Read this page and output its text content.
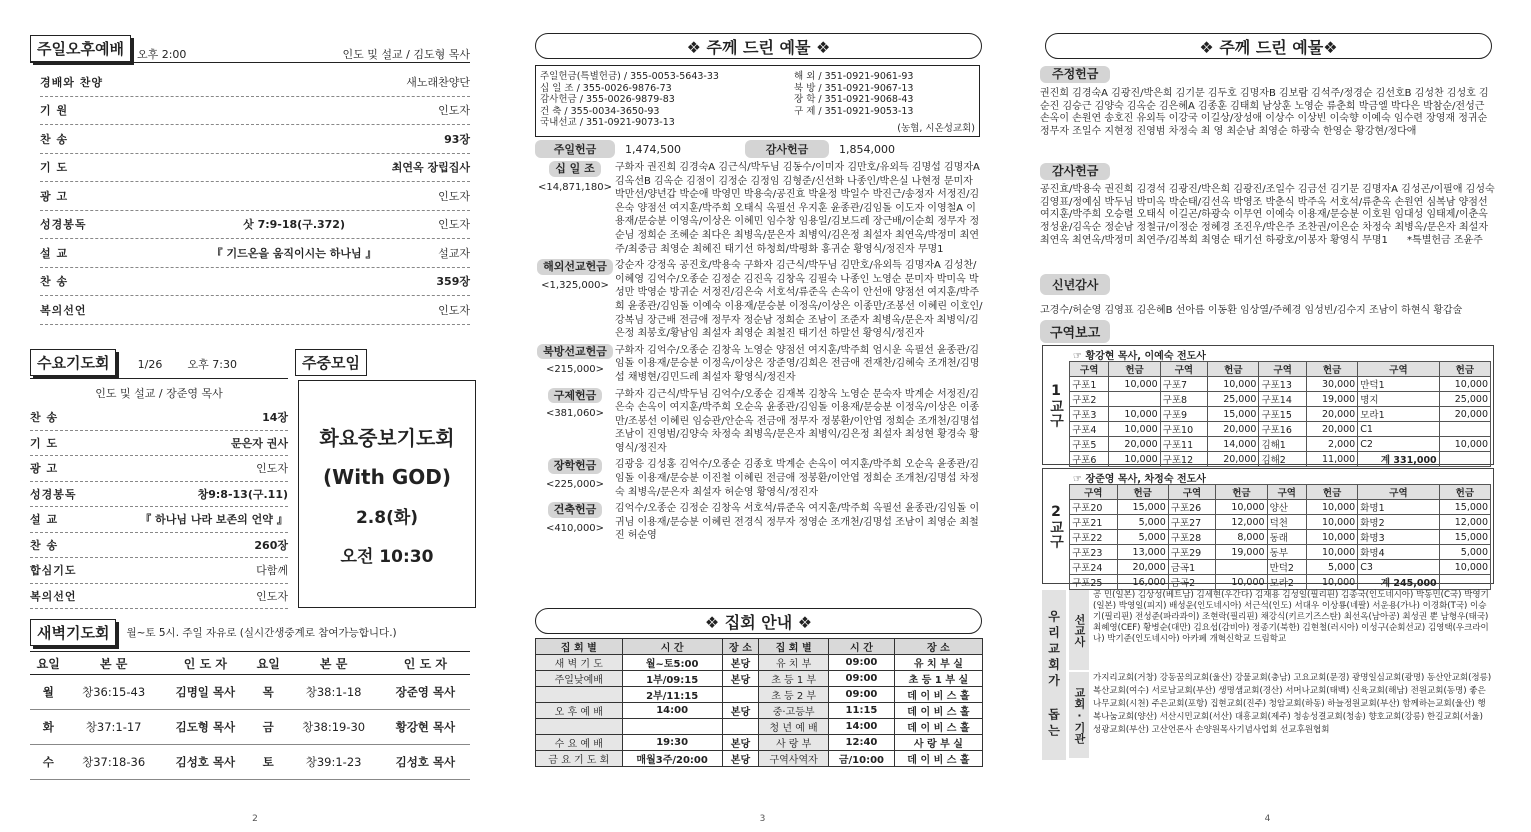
주일오후예배	오후 2:00	인도 및 설교 / 김도형 목사
경배와 찬양	새노래찬양단
기 원	인도자
찬 송	93장
기 도	최연옥 장립집사
광 고	인도자
성경봉독	삿 7:9-18(구.372)	인도자
설 교	『 기드온을 움직이시는 하나님 』	설교자
찬 송	359장
복의선언	인도자
수요기도회	1/26 오후 7:30	주중모임
인도 및 설교 / 장준영 목사
찬 송	14장
기 도	문은자 권사
광 고	인도자
성경봉독	창9:8-13(구.11)
설 교	『 하나님 나라 보존의 언약 』
찬 송	260장
합심기도	다함께
복의선언	인도자
화요중보기도회
(With GOD)
2.8(화)
오전 10:30
새벽기도회	월~토 5시. 주일 자유로 (실시간생중계로 참여가능합니다.)
요일	본 문	인 도 자	요일	본 문	인 도 자
월	창36:15-43	김명일 목사	목	창38:1-18	장준영 목사
화	창37:1-17	김도형 목사	금	창38:19-30	황강현 목사
수	창37:18-36	김성호 목사	토	창39:1-23	김성호 목사
2
❖ 주께 드린 예물 ❖
주일헌금(특별헌금) / 355-0053-5643-33
십 일 조 / 355-0026-9876-73
감사헌금 / 355-0026-9879-83
건 축 / 355-0034-3650-93
국내선교 / 351-0921-9073-13
해 외 / 351-0921-9061-93
북 방 / 351-0921-9067-13
장 학 / 351-0921-9068-43
구 제 / 351-0921-9053-13
(농협, 시온성교회)
주일헌금	1,474,500	감사헌금	1,854,000
십 일 조
<14,871,180>
구화자 권진희 김경숙A 김근식/박두님 김동수/이미자 김만호/유외득 김명섭 김명자A 김옥선B 김옥순 김점이 김정순 김정임 김형준/신선화 나종인/박은실 나현정 문미자 박만선/양년갑 박순애 박영민 박용숙/공진효 박윤정 박일수 박진근/송정자 서정진/김은숙 양점선 여지훈/박주희 오태식 옥필선 우지훈 윤종관/김임돌 이도자 이영철A 이용재/문승분 이영옥/이상은 이혜민 임수창 임용일/김보드레 장근배/이순희 정무자 정순님 정희순 조혜순 최다은 최병옥/문은자 최병익/김은정 최설자 최연옥/박정미 최연주/최중금 최영순 최혜진 태기선 하청희/박평화 홍귀순 황영식/정진자 무명1
해외선교헌금
<1,325,000>
강순자 강정옥 공진호/박용숙 구화자 김근식/박두님 김만호/유외득 김명자A 김성찬/이혜영 김억수/오종순 김정순 김진옥 김창옥 김필숙 나종인 노영순 문미자 박미옥 박성만 박영순 방귀순 서정진/김은숙 서호석/류준옥 손옥이 안선애 양점선 여지훈/박주희 윤종관/김임돌 이예숙 이용재/문승분 이정옥/이상은 이종만/조봉선 이혜린 이호인/강복님 장근배 전금애 정무자 정순남 정희순 조남이 조준자 최병옥/문은자 최병익/김은정 최봉호/황남임 최설자 최영순 최철진 태기선 하말선 황영식/정진자
북방선교헌금
<215,000>
구화자 김억수/오종순 김창옥 노영순 양점선 여지훈/박주희 엄시운 옥필선 윤종관/김임돌 이용재/문승분 이정옥/이상은 장준영/김희은 전금애 전재찬/김혜숙 조개천/김명섭 채병현/김민드레 최설자 황영식/정진자
구제헌금
<381,060>
구화자 김근식/박두님 김억수/오종순 김재복 김창옥 노영순 문숙자 박계순 서정진/김은숙 손옥이 여지훈/박주희 오순옥 윤종관/김임돌 이용재/문승분 이정옥/이상은 이종만/조봉선 이혜린 임승관/안순옥 전금애 정무자 정봉환/이안엽 정희순 조개천/김명섭 조남이 진영범/김양숙 차정숙 최병옥/문은자 최병익/김은정 최설자 최성현 황경숙 황영식/정진자
장학헌금
<225,000>
김광응 김성홍 김억수/오종순 김종호 박계순 손옥이 여지훈/박주희 오순옥 윤종관/김임돌 이용재/문승분 이진철 이혜린 전금애 정봉환/이안엽 정희순 조개천/김명섭 차정숙 최병옥/문은자 최설자 허순영 황영식/정진자
건축헌금
<410,000>
김억수/오종순 김정순 김창옥 서호석/류준옥 여지훈/박주희 옥필선 윤종관/김임돌 이귀님 이용재/문승분 이혜린 전경식 정무자 정영순 조개천/김명섭 조남이 최영순 최철진 허순영
❖ 집회 안내 ❖
집 회 별	시 간	장 소	집 회 별	시 간	장 소
새 벽 기 도	월~토5:00	본당	유 치 부	09:00	유 치 부 실
주일낮예배	1부/09:15	본당	초 등 1 부	09:00	초 등 1 부 실
	2부/11:15		초 등 2 부	09:00	데 이 비 스 홀
오 후 예 배	14:00	본당	중·고등부	11:15	데 이 비 스 홀
			청 년 예 배	14:00	데 이 비 스 홀
수 요 예 배	19:30	본당	사 랑 부	12:40	사 랑 부 실
금 요 기 도 회	매월3주/20:00	본당	구역사역자	금/10:00	데 이 비 스 홀
3
❖ 주께 드린 예물❖
주정헌금
권진희 김경숙A 김광진/박은희 김기문 김두호 김명자B 김보람 김석주/정경순 김선호B 김성찬 김성호 김순진 김승근 김양숙 김옥순 김은혜A 김종훈 김태희 남상훈 노영순 류춘희 박금엘 박다은 박참순/전성근 손옥이 손원연 송호진 유외득 이강국 이길상/장성애 이상수 이상빈 이숙향 이예숙 임수련 장영재 정귀순 정무자 조일수 지현정 진영범 차정숙 최 영 최순남 최영순 하광숙 한영순 황강현/정다애
감사헌금
공진효/박용숙 권진희 김경석 김광진/박은희 김광진/조일수 김금선 김기문 김명자A 김성곤/이필애 김성숙 김영표/정예심 박두님 박미옥 박순태/김선옥 박영조 박춘식 박주옥 서호석/류춘옥 손원연 심복남 양점선 여지훈/박주희 오승렬 오태식 이길곤/하광숙 이무연 이예숙 이용재/문승분 이호원 임대성 임태제/이춘옥 정성윤/김옥순 정순남 정철규/이정순 정혜경 조진우/박은주 조찬권/이은순 차정숙 최병옥/문은자 최설자 최연옥 최연옥/박정미 최연주/김복희 최영순 태기선 하광호/이봉자 황영식 무명1 *특별헌금 조윤주
신년감사
고경수/허순영 김영표 김은혜B 선아름 이동환 임상열/주혜경 임성빈/김수지 조남이 하현식 황갑술
구역보고
1교구
☞ 황강현 목사, 이예숙 전도사
구역	헌금	구역	헌금	구역	헌금	구역	헌금
구포1	10,000	구포7	10,000	구포13	30,000	만덕1	10,000
구포2		구포8	25,000	구포14	19,000	명지	25,000
구포3	10,000	구포9	15,000	구포15	20,000	모라1	20,000
구포4	10,000	구포10	20,000	구포16	20,000	C1	
구포5	20,000	구포11	14,000	김해1	2,000	C2	10,000
구포6	10,000	구포12	20,000	김해2	11,000	계 331,000	
2교구
☞ 장준영 목사, 차정숙 전도사
구역	헌금	구역	헌금	구역	헌금	구역	헌금
구포20	15,000	구포26	10,000	양산	10,000	화명1	15,000
구포21	5,000	구포27	12,000	덕천	10,000	화명2	12,000
구포22	5,000	구포28	8,000	동래	10,000	화명3	15,000
구포23	13,000	구포29	19,000	동부	10,000	화명4	5,000
구포24	20,000	금곡1		만덕2	5,000	C3	10,000
구포25	16,000	금곡2	10,000	모라2	10,000	계 245,000	
우리교회가 돕는	선교사
공 민(일본) 김상성(베트남) 김세현(우간다) 김재용 김성일(필리핀) 김종국(인도네시아) 박동민(C국) 박영기(일본) 박영일(피지) 배성운(인도네시아) 서근석(인도) 서대우 이상룡(네팔) 서운용(가나) 이경화(T국) 이승기(필리핀) 전성준(파라과이) 조현락(필리핀) 채강식(키르기즈스탄) 최선옥(남아공) 최성권 뿐 남형우(태국) 최혜영(CEF) 황병순(대만) 김요섭(감비아) 정종기(북한) 김현철(러시아) 이성구(순회선교) 김영택(우크라이나) 박기준(인도네시아) 아카페 개혁신학교 드림학교
교회·기관
가지리교회(거창) 강동꿈의교회(울산) 강물교회(충남) 고요교회(문경) 광명일심교회(광명) 동산안교회(정릉) 복산교회(여수) 서로남교회(부산) 생명샘교회(경산) 서머나교회(태백) 신육교회(해남) 전원교회(동명) 좋은나무교회(시천) 주은교회(포항) 집현교회(진주) 청암교회(하동) 하늘정원교회(부산) 함께하는교회(울산) 행복나눔교회(양산) 서산시민교회(서산) 대흥교회(제주) 청송성결교회(청송) 향호교회(강릉) 한길교회(서울) 성광교회(부산) 고산언론사 손양원목사기념사업회 선교후원협회
4
